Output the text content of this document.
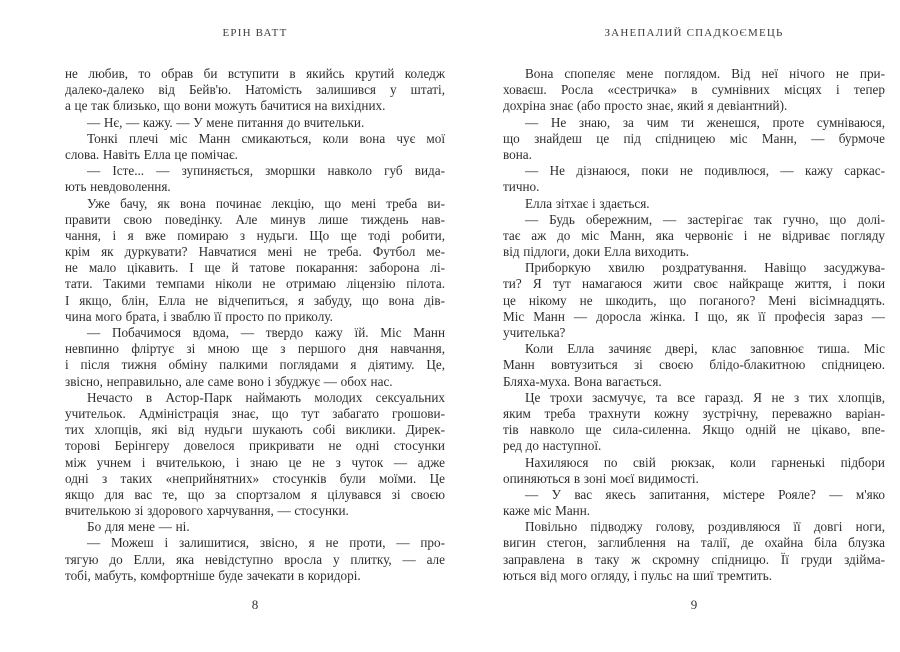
ЕРІН ВАТТ
не любив, то обрав би вступити в якийсь крутий коледж
далеко-далеко від Бейв'ю. Натомість залишився у штаті,
а це так близько, що вони можуть бачитися на вихідних.
— Нє, — кажу. — У мене питання до вчительки.
Тонкі плечі міс Манн смикаються, коли вона чує мої
слова. Навіть Елла це помічає.
— Істе... — зупиняється, зморшки навколо губ вида-
ють невдоволення.
Уже бачу, як вона починає лекцію, що мені треба ви-
правити свою поведінку. Але минув лише тиждень нав-
чання, і я вже помираю з нудьги. Що ще тоді робити,
крім як дуркувати? Навчатися мені не треба. Футбол ме-
не мало цікавить. І ще й татове покарання: заборона лі-
тати. Такими темпами ніколи не отримаю ліцензію пілота.
І якщо, блін, Елла не відчепиться, я забуду, що вона дів-
чина мого брата, і зваблю її просто по приколу.
— Побачимося вдома, — твердо кажу їй. Міс Манн
невпинно фліртує зі мною ще з першого дня навчання,
і після тижня обміну палкими поглядами я діятиму. Це,
звісно, неправильно, але саме воно і збуджує — обох нас.
Нечасто в Астор-Парк наймають молодих сексуальних
учительок. Адміністрація знає, що тут забагато грошови-
тих хлопців, які від нудьги шукають собі виклики. Дирек-
торові Берінгеру довелося прикривати не одні стосунки
між учнем і вчителькою, і знаю це не з чуток — адже
одні з таких «неприйнятних» стосунків були моїми. Це
якщо для вас те, що за спортзалом я цілувався зі своєю
вчителькою зі здорового харчування, — стосунки.
Бо для мене — ні.
— Можеш і залишитися, звісно, я не проти, — про-
тягую до Елли, яка невідступно вросла у плитку, — але
тобі, мабуть, комфортніше буде зачекати в коридорі.
8
ЗАНЕПАЛИЙ СПАДКОЄМЕЦЬ
Вона спопеляє мене поглядом. Від неї нічого не при-
ховаєш. Росла «сестричка» в сумнівних місцях і тепер
дохріна знає (або просто знає, який я девіантний).
— Не знаю, за чим ти женешся, проте сумніваюся,
що знайдеш це під спідницею міс Манн, — бурмоче
вона.
— Не дізнаюся, поки не подивлюся, — кажу саркас-
тично.
Елла зітхає і здається.
— Будь обережним, — застерігає так гучно, що долі-
тає аж до міс Манн, яка червоніє і не відриває погляду
від підлоги, доки Елла виходить.
Приборкую хвилю роздратування. Навіщо засуджува-
ти? Я тут намагаюся жити своє найкраще життя, і поки
це нікому не шкодить, що поганого? Мені вісімнадцять.
Міс Манн — доросла жінка. І що, як її професія зараз —
учителька?
Коли Елла зачиняє двері, клас заповнює тиша. Міс
Манн вовтузиться зі своєю блідо-блакитною спідницею.
Бляха-муха. Вона вагається.
Це трохи засмучує, та все гаразд. Я не з тих хлопців,
яким треба трахнути кожну зустрічну, переважно варіан-
тів навколо ще сила-силенна. Якщо одній не цікаво, впе-
ред до наступної.
Нахиляюся по свій рюкзак, коли гарненькі підбори
опиняються в зоні моєї видимості.
— У вас якесь запитання, містере Рояле? — м'яко
каже міс Манн.
Повільно підводжу голову, роздивляюся її довгі ноги,
вигин стегон, заглиблення на талії, де охайна біла блузка
заправлена в таку ж скромну спідницю. Її груди здійма-
ються від мого огляду, і пульс на шиї тремтить.
9
